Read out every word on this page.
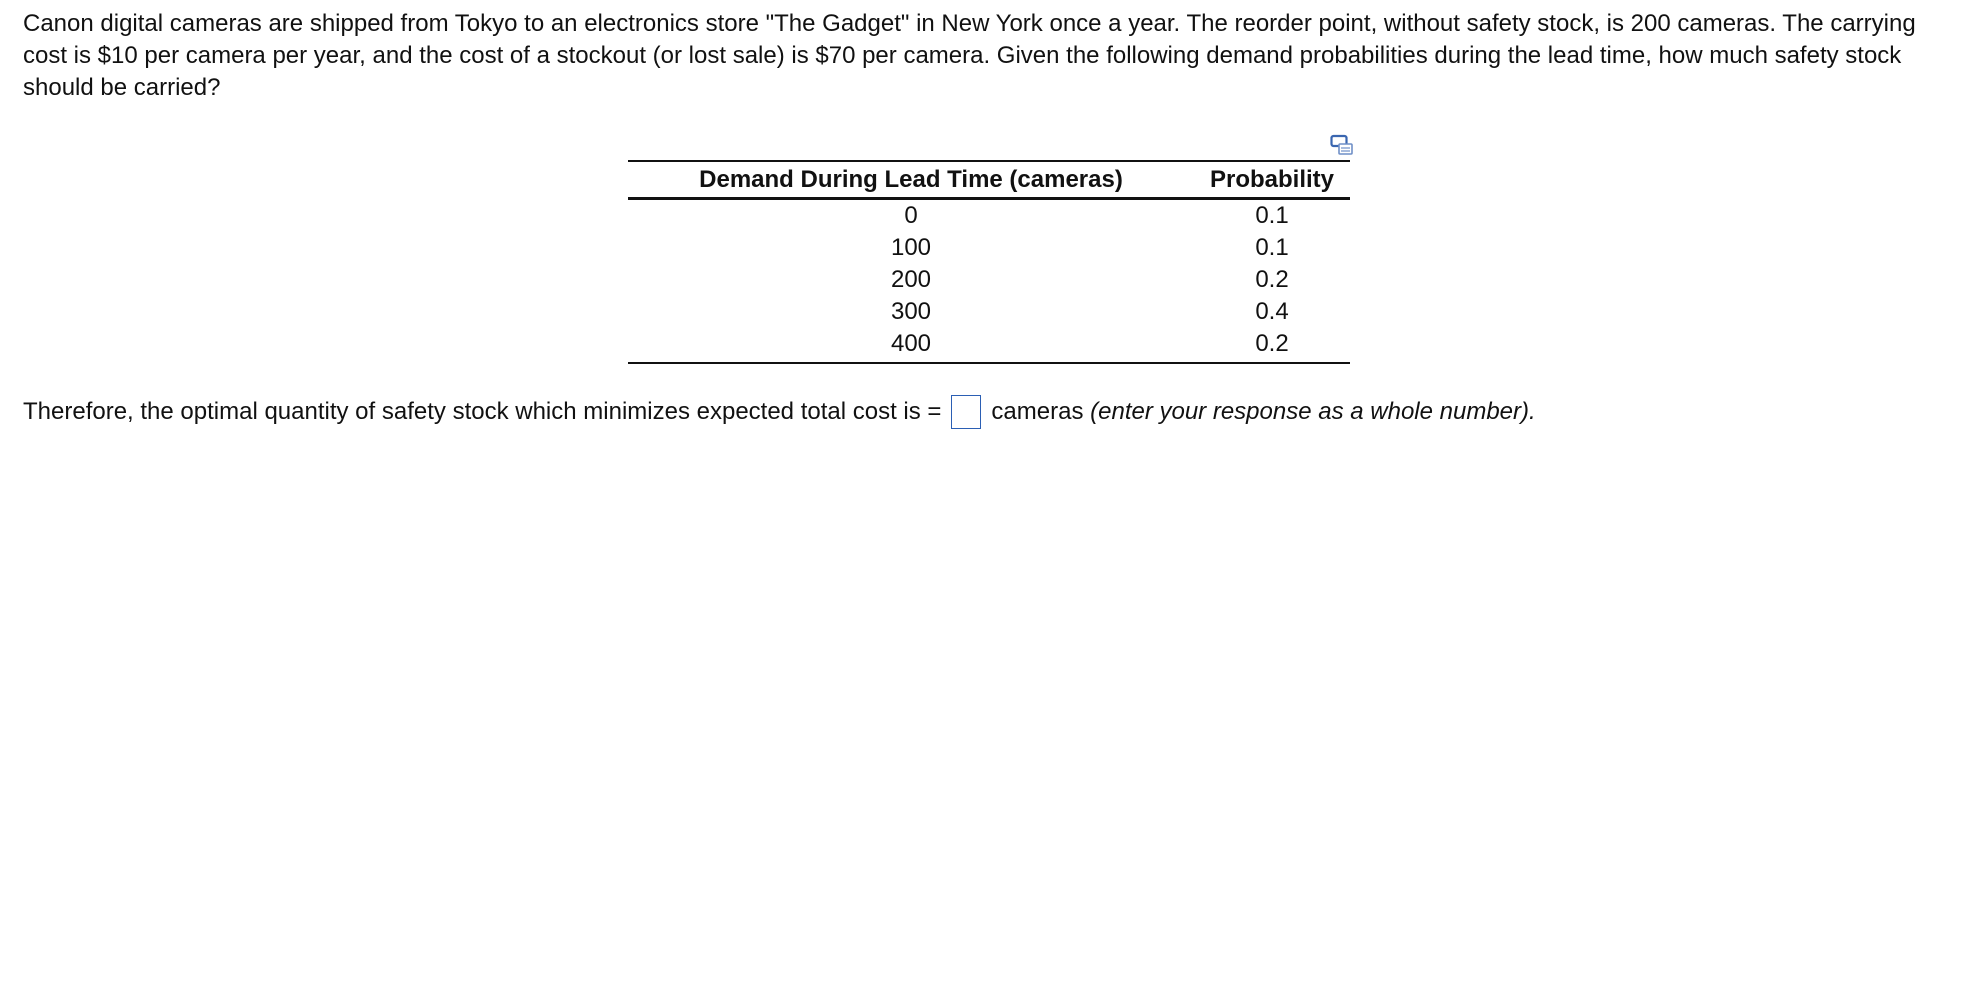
Canon digital cameras are shipped from Tokyo to an electronics store "The Gadget" in New York once a year. The reorder point, without safety stock, is 200 cameras. The carrying cost is $10 per camera per year, and the cost of a stockout (or lost sale) is $70 per camera. Given the following demand probabilities during the lead time, how much safety stock should be carried?

Demand During Lead Time (cameras)	Probability
0	0.1
100	0.1
200	0.2
300	0.4
400	0.2
Therefore, the optimal quantity of safety stock which minimizes expected total cost is = cameras
(enter your response as a whole number).
